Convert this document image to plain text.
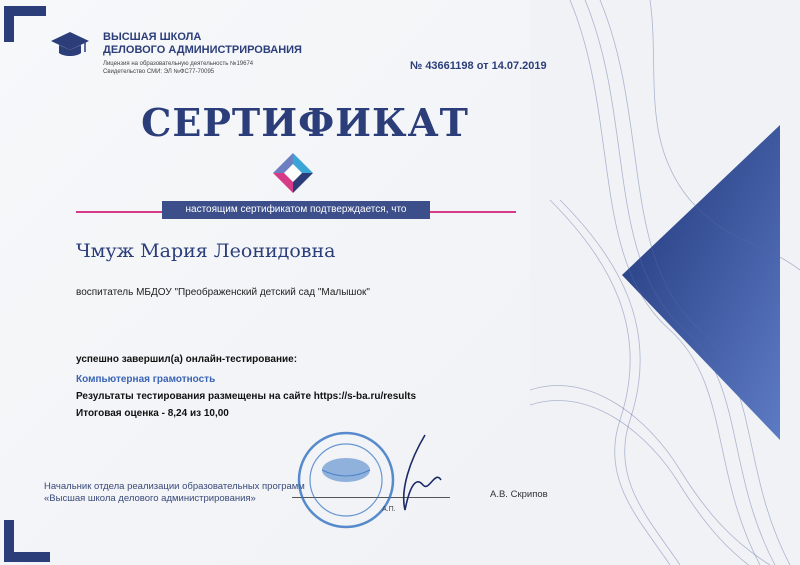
ВЫСШАЯ ШКОЛА
ДЕЛОВОГО АДМИНИСТРИРОВАНИЯ
Лицензия на образовательную деятельность №19674
Свидетельство СМИ: ЭЛ №ФС77-70095	№ 43661198 от 14.07.2019
СЕРТИФИКАТ
настоящим сертификатом подтверждается, что
Чмуж Мария Леонидовна
воспитатель МБДОУ "Преображенский детский сад "Малышок"
успешно завершил(а) онлайн-тестирование:
Компьютерная грамотность
Результаты тестирования размещены на сайте https://s-ba.ru/results
Итоговая оценка - 8,24 из 10,00
Начальник отдела реализации образовательных программ
«Высшая школа делового администрирования»
А.П.
А.В. Скрипов
